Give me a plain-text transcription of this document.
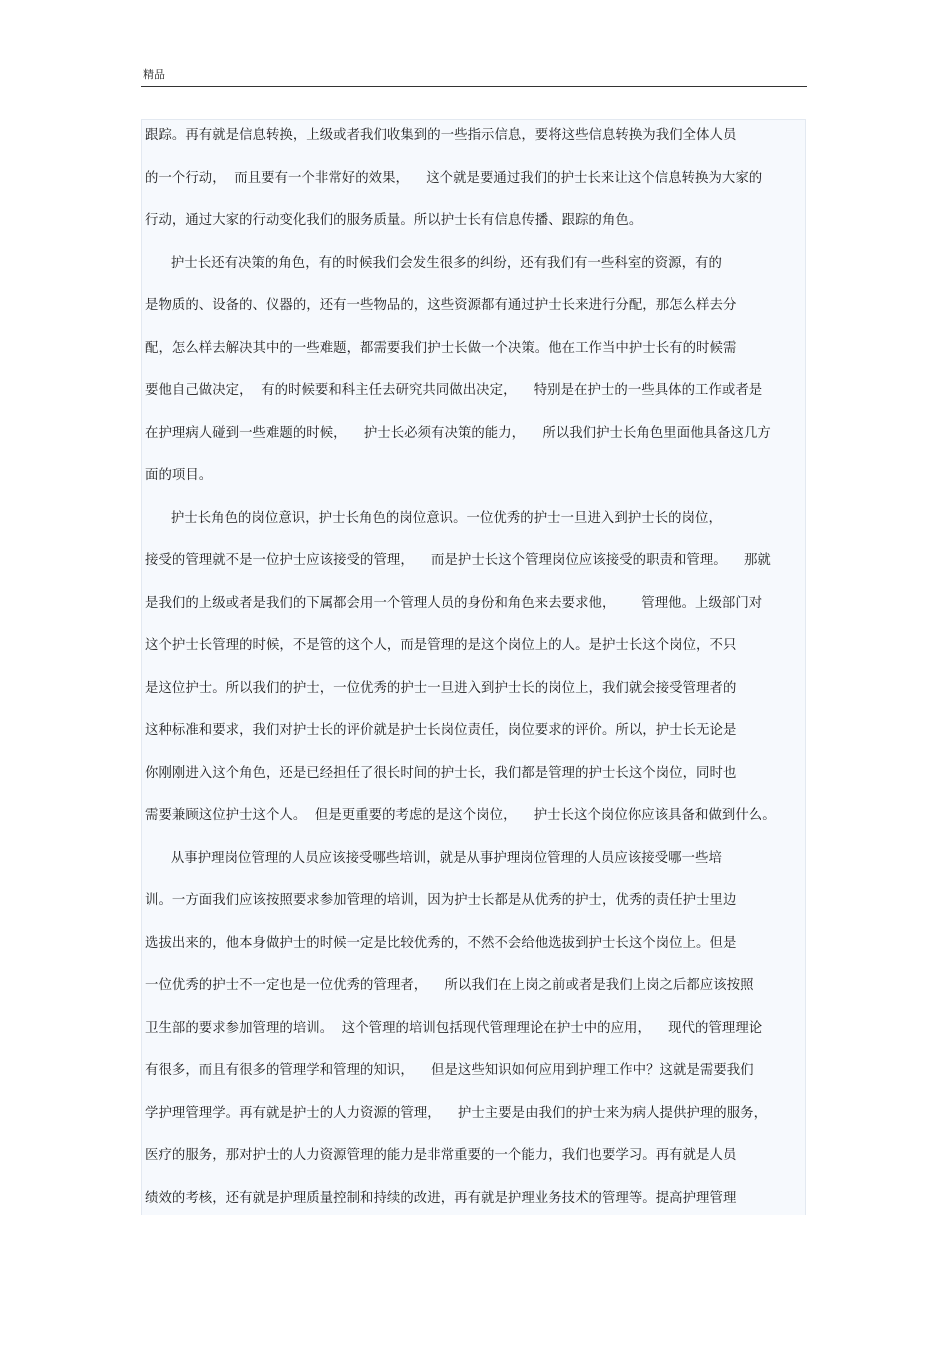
精品
跟踪。再有就是信息转换，上级或者我们收集到的一些指示信息，要将这些信息转换为我们全体人员
的一个行动，  而且要有一个非常好的效果，    这个就是要通过我们的护士长来让这个信息转换为大家的
行动，通过大家的行动变化我们的服务质量。所以护士长有信息传播、跟踪的角色。
护士长还有决策的角色，有的时候我们会发生很多的纠纷，还有我们有一些科室的资源，有的
是物质的、设备的、仪器的，还有一些物品的，这些资源都有通过护士长来进行分配，那怎么样去分
配，怎么样去解决其中的一些难题，都需要我们护士长做一个决策。他在工作当中护士长有的时候需
要他自己做决定，  有的时候要和科主任去研究共同做出决定，    特别是在护士的一些具体的工作或者是
在护理病人碰到一些难题的时候，    护士长必须有决策的能力，    所以我们护士长角色里面他具备这几方
面的项目。
护士长角色的岗位意识，护士长角色的岗位意识。一位优秀的护士一旦进入到护士长的岗位，
接受的管理就不是一位护士应该接受的管理，    而是护士长这个管理岗位应该接受的职责和管理。    那就
是我们的上级或者是我们的下属都会用一个管理人员的身份和角色来去要求他，      管理他。上级部门对
这个护士长管理的时候，不是管的这个人，而是管理的是这个岗位上的人。是护士长这个岗位，不只
是这位护士。所以我们的护士，一位优秀的护士一旦进入到护士长的岗位上，我们就会接受管理者的
这种标准和要求，我们对护士长的评价就是护士长岗位责任，岗位要求的评价。所以，护士长无论是
你刚刚进入这个角色，还是已经担任了很长时间的护士长，我们都是管理的护士长这个岗位，同时也
需要兼顾这位护士这个人。  但是更重要的考虑的是这个岗位，    护士长这个岗位你应该具备和做到什么。
从事护理岗位管理的人员应该接受哪些培训，就是从事护理岗位管理的人员应该接受哪一些培
训。一方面我们应该按照要求参加管理的培训，因为护士长都是从优秀的护士，优秀的责任护士里边
选拔出来的，他本身做护士的时候一定是比较优秀的，不然不会给他选拔到护士长这个岗位上。但是
一位优秀的护士不一定也是一位优秀的管理者，    所以我们在上岗之前或者是我们上岗之后都应该按照
卫生部的要求参加管理的培训。  这个管理的培训包括现代管理理论在护士中的应用，    现代的管理理论
有很多，而且有很多的管理学和管理的知识，    但是这些知识如何应用到护理工作中？这就是需要我们
学护理管理学。再有就是护士的人力资源的管理，    护士主要是由我们的护士来为病人提供护理的服务，
医疗的服务，那对护士的人力资源管理的能力是非常重要的一个能力，我们也要学习。再有就是人员
绩效的考核，还有就是护理质量控制和持续的改进，再有就是护理业务技术的管理等。提高护理管理
